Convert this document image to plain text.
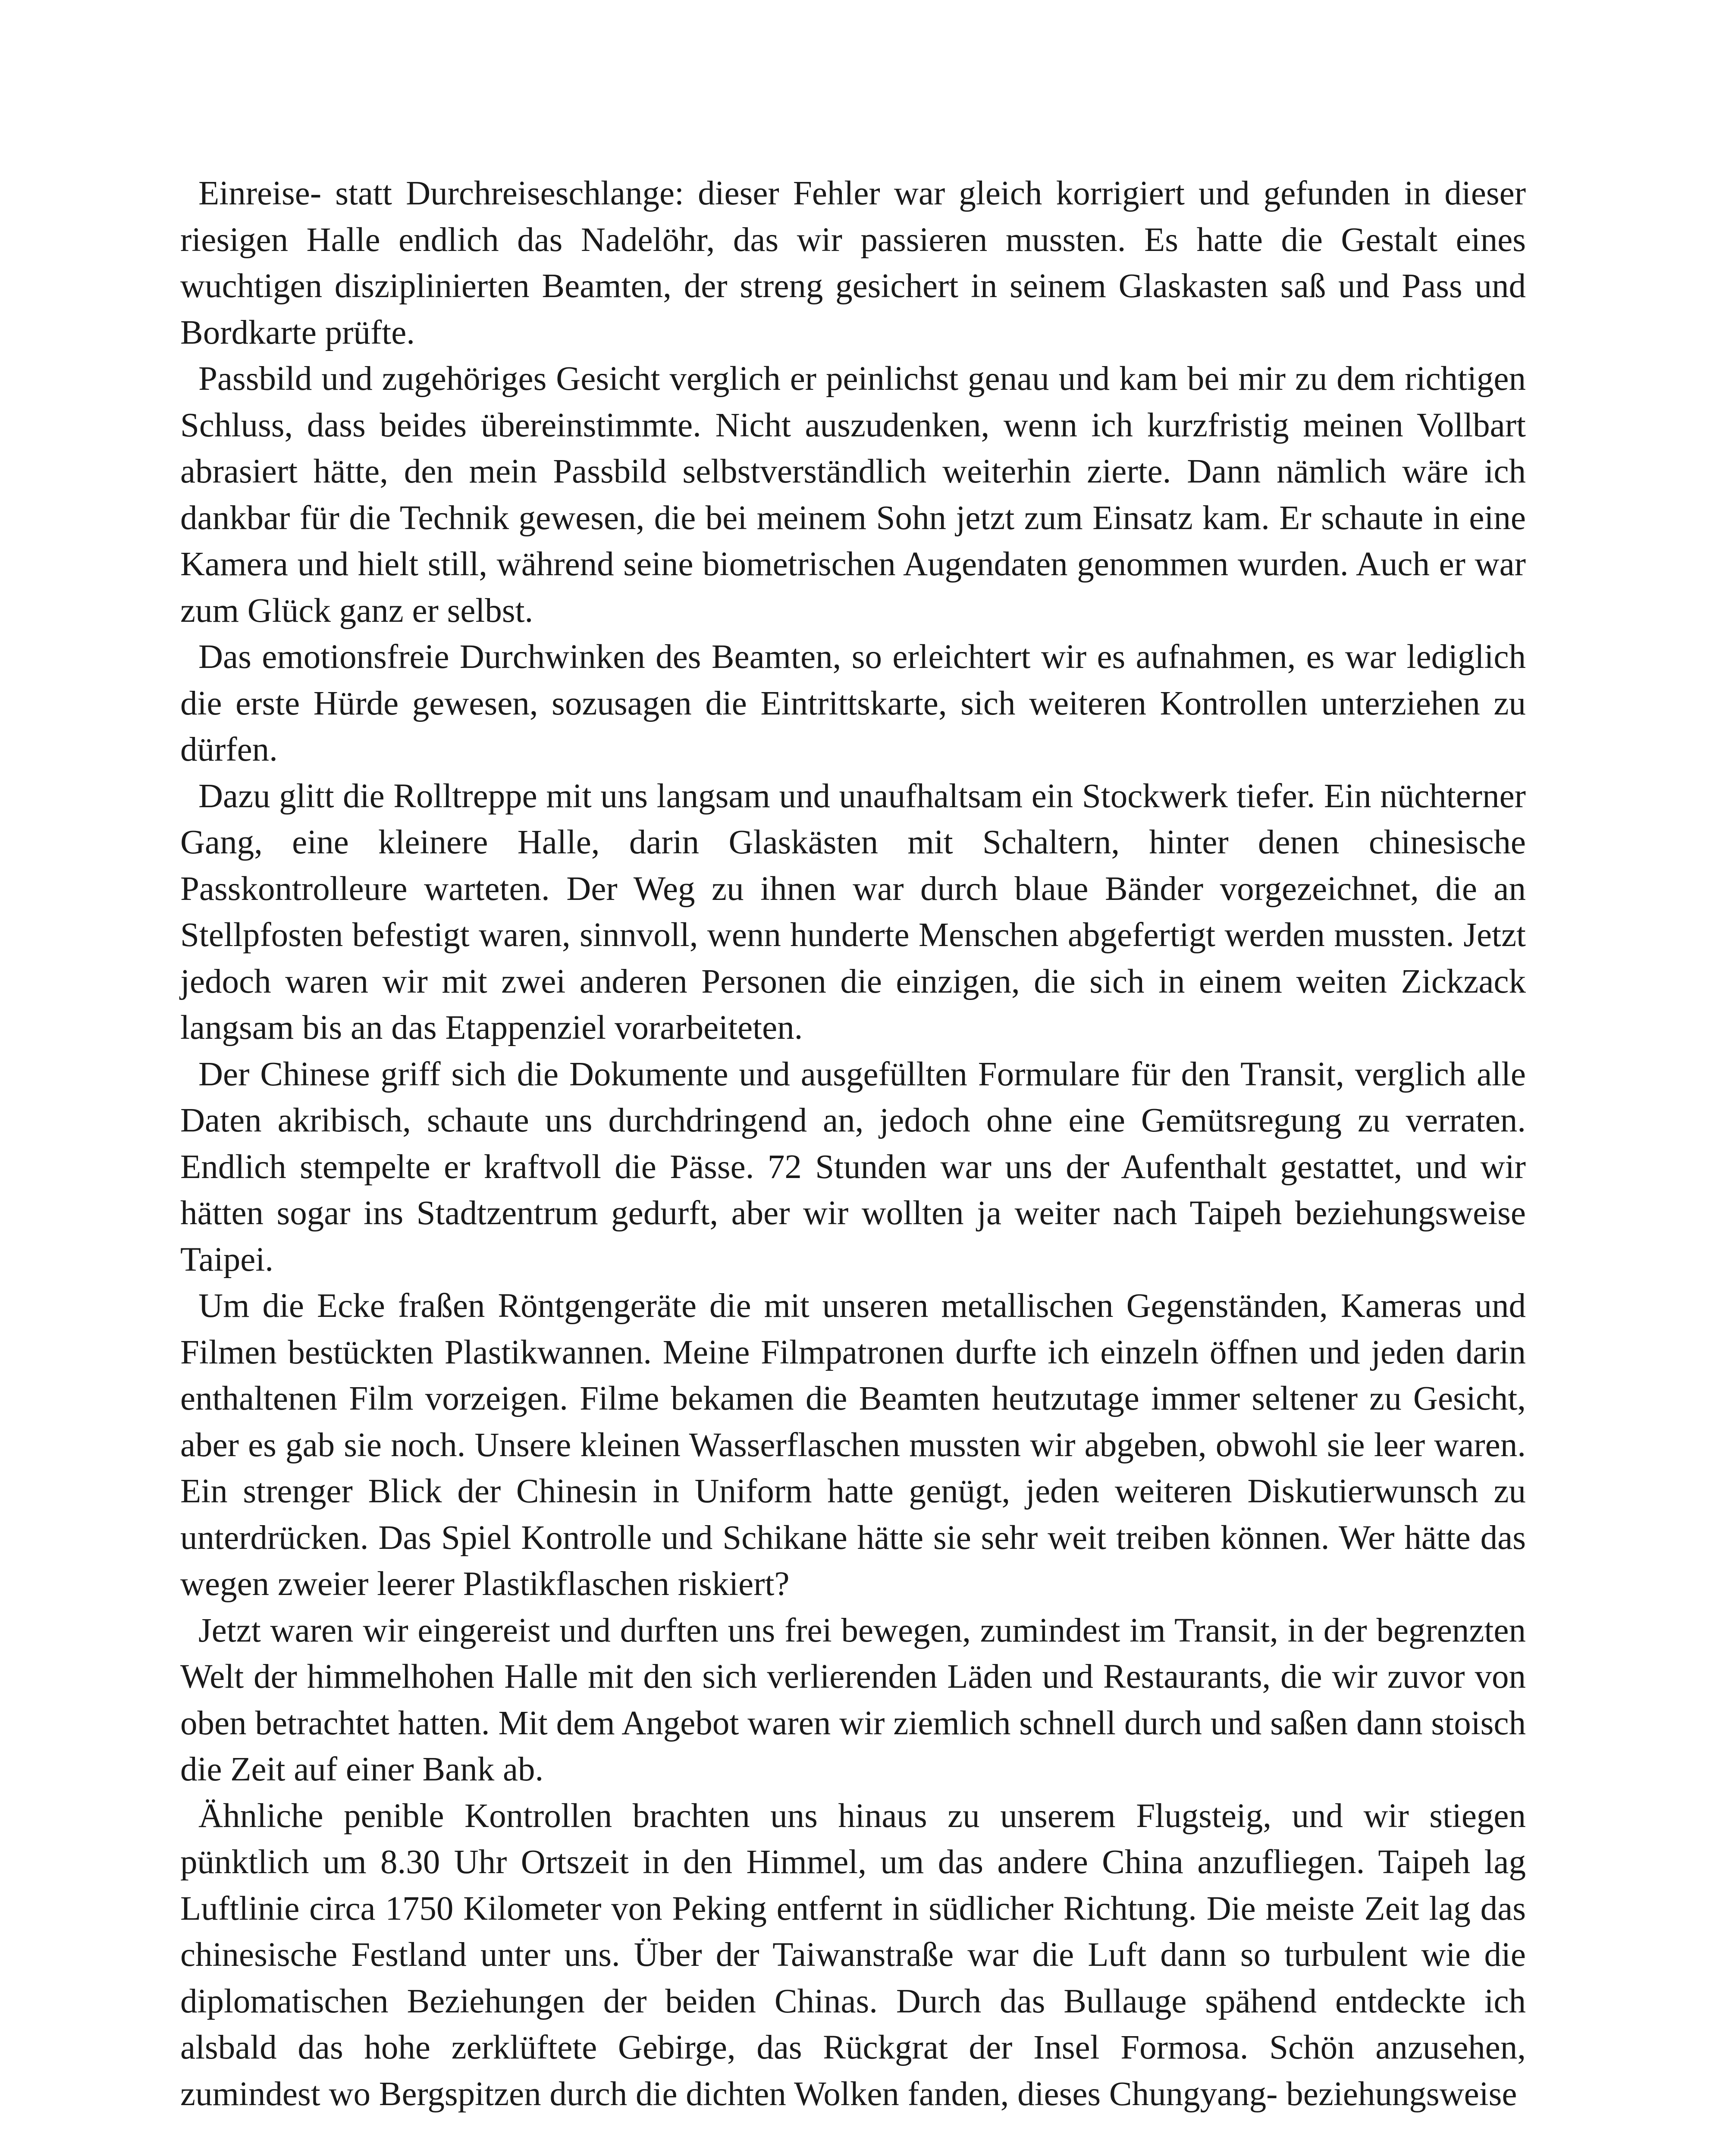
Einreise- statt Durchreiseschlange: dieser Fehler war gleich korrigiert und gefunden in dieser riesigen Halle endlich das Nadelöhr, das wir passieren mussten. Es hatte die Gestalt eines wuchtigen disziplinierten Beamten, der streng gesichert in seinem Glaskasten saß und Pass und Bordkarte prüfte.

Passbild und zugehöriges Gesicht verglich er peinlichst genau und kam bei mir zu dem richtigen Schluss, dass beides übereinstimmte. Nicht auszudenken, wenn ich kurzfristig meinen Vollbart abrasiert hätte, den mein Passbild selbstverständlich weiterhin zierte. Dann nämlich wäre ich dankbar für die Technik gewesen, die bei meinem Sohn jetzt zum Einsatz kam. Er schaute in eine Kamera und hielt still, während seine biometrischen Augendaten genommen wurden. Auch er war zum Glück ganz er selbst.

Das emotionsfreie Durchwinken des Beamten, so erleichtert wir es aufnahmen, es war lediglich die erste Hürde gewesen, sozusagen die Eintrittskarte, sich weiteren Kontrollen unterziehen zu dürfen.

Dazu glitt die Rolltreppe mit uns langsam und unaufhaltsam ein Stockwerk tiefer. Ein nüchterner Gang, eine kleinere Halle, darin Glaskästen mit Schaltern, hinter denen chinesische Passkontrolleure warteten. Der Weg zu ihnen war durch blaue Bänder vorgezeichnet, die an Stellpfosten befestigt waren, sinnvoll, wenn hunderte Menschen abgefertigt werden mussten. Jetzt jedoch waren wir mit zwei anderen Personen die einzigen, die sich in einem weiten Zickzack langsam bis an das Etappenziel vorarbeiteten.

Der Chinese griff sich die Dokumente und ausgefüllten Formulare für den Transit, verglich alle Daten akribisch, schaute uns durchdringend an, jedoch ohne eine Gemütsregung zu verraten. Endlich stempelte er kraftvoll die Pässe. 72 Stunden war uns der Aufenthalt gestattet, und wir hätten sogar ins Stadtzentrum gedurft, aber wir wollten ja weiter nach Taipeh beziehungsweise Taipei.

Um die Ecke fraßen Röntgengeräte die mit unseren metallischen Gegenständen, Kameras und Filmen bestückten Plastikwannen. Meine Filmpatronen durfte ich einzeln öffnen und jeden darin enthaltenen Film vorzeigen. Filme bekamen die Beamten heutzutage immer seltener zu Gesicht, aber es gab sie noch. Unsere kleinen Wasserflaschen mussten wir abgeben, obwohl sie leer waren. Ein strenger Blick der Chinesin in Uniform hatte genügt, jeden weiteren Diskutierwunsch zu unterdrücken. Das Spiel Kontrolle und Schikane hätte sie sehr weit treiben können. Wer hätte das wegen zweier leerer Plastikflaschen riskiert?

Jetzt waren wir eingereist und durften uns frei bewegen, zumindest im Transit, in der begrenzten Welt der himmelhohen Halle mit den sich verlierenden Läden und Restaurants, die wir zuvor von oben betrachtet hatten. Mit dem Angebot waren wir ziemlich schnell durch und saßen dann stoisch die Zeit auf einer Bank ab.

Ähnliche penible Kontrollen brachten uns hinaus zu unserem Flugsteig, und wir stiegen pünktlich um 8.30 Uhr Ortszeit in den Himmel, um das andere China anzufliegen. Taipeh lag Luftlinie circa 1750 Kilometer von Peking entfernt in südlicher Richtung. Die meiste Zeit lag das chinesische Festland unter uns. Über der Taiwanstraße war die Luft dann so turbulent wie die diplomatischen Beziehungen der beiden Chinas. Durch das Bullauge spähend entdeckte ich alsbald das hohe zerklüftete Gebirge, das Rückgrat der Insel Formosa. Schön anzusehen, zumindest wo Bergspitzen durch die dichten Wolken fanden, dieses Chungyang- beziehungsweise
